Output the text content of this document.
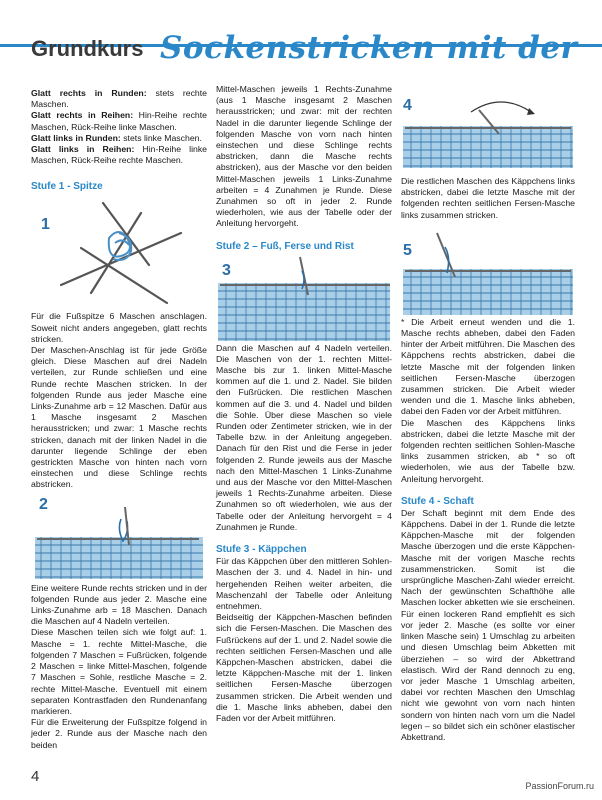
Grundkurs Sockenstricken mit der

Glatt rechts in Runden: stets rechte Maschen.

Glatt rechts in Reihen: Hin-Reihe rechte Maschen, Rück-Reihe linke Maschen.

Glatt links in Runden: stets linke Maschen.

Glatt links in Reihen: Hin-Reihe linke Maschen, Rück-Reihe rechte Maschen.

Stufe 1 - Spitze
1

Für die Fußspitze 6 Maschen anschlagen. Soweit nicht anders angegeben, glatt rechts stricken.

Der Maschen-Anschlag ist für jede Größe gleich. Diese Maschen auf drei Nadeln verteilen, zur Runde schließen und eine Runde rechte Maschen stricken. In der folgenden Runde aus jeder Masche eine Links-Zunahme arb = 12 Maschen. Dafür aus 1 Masche insgesamt 2 Maschen herausstricken; und zwar: 1 Masche rechts stricken, danach mit der linken Nadel in die darunter liegende Schlinge der eben gestrickten Masche von hinten nach vorn einstechen und diese Schlinge rechts abstricken.

2

Eine weitere Runde rechts stricken und in der folgenden Runde aus jeder 2. Masche eine Links-Zunahme arb = 18 Maschen. Danach die Maschen auf 4 Nadeln verteilen.

Diese Maschen teilen sich wie folgt auf: 1. Masche = 1. rechte Mittel-Masche, die folgenden 7 Maschen = Fußrücken, folgende 2 Maschen = linke Mittel-Maschen, folgende 7 Maschen = Sohle, restliche Masche = 2. rechte Mittel-Masche. Eventuell mit einem separaten Kontrastfaden den Rundenanfang markieren.

Für die Erweiterung der Fußspitze folgend in jeder 2. Runde aus der Masche nach den beiden

Mittel-Maschen jeweils 1 Rechts-Zunahme (aus 1 Masche insgesamt 2 Maschen herausstricken; und zwar: mit der rechten Nadel in die darunter liegende Schlinge der folgenden Masche von vorn nach hinten einstechen und diese Schlinge rechts abstricken, dann die Masche rechts abstricken), aus der Masche vor den beiden Mittel-Maschen jeweils 1 Links-Zunahme arbeiten = 4 Zunahmen je Runde. Diese Zunahmen so oft in jeder 2. Runde wiederholen, wie aus der Tabelle oder der Anleitung hervorgeht.

Stufe 2 – Fuß, Ferse und Rist
3

Dann die Maschen auf 4 Nadeln verteilen. Die Maschen von der 1. rechten Mittel-Masche bis zur 1. linken Mittel-Masche kommen auf die 1. und 2. Nadel. Sie bilden den Fußrücken. Die restlichen Maschen kommen auf die 3. und 4. Nadel und bilden die Sohle. Über diese Maschen so viele Runden oder Zentimeter stricken, wie in der Tabelle bzw. in der Anleitung angegeben. Danach für den Rist und die Ferse in jeder folgenden 2. Runde jeweils aus der Masche nach den Mittel-Maschen 1 Links-Zunahme und aus der Masche vor den Mittel-Maschen jeweils 1 Rechts-Zunahme arbeiten. Diese Zunahmen so oft wiederholen, wie aus der Tabelle oder der Anleitung hervorgeht = 4 Zunahmen je Runde.

Stufe 3 - Käppchen

Für das Käppchen über den mittleren Sohlen-Maschen der 3. und 4. Nadel in hin- und hergehenden Reihen weiter arbeiten, die Maschenzahl der Tabelle oder Anleitung entnehmen.

Beidseitig der Käppchen-Maschen befinden sich die Fersen-Maschen. Die Maschen des Fußrückens auf der 1. und 2. Nadel sowie die rechten seitlichen Fersen-Maschen und alle Käppchen-Maschen abstricken, dabei die letzte Käppchen-Masche mit der 1. linken seitlichen Fersen-Masche überzogen zusammen stricken. Die Arbeit wenden und die 1. Masche links abheben, dabei den Faden vor der Arbeit mitführen.

4

Die restlichen Maschen des Käppchens links abstricken, dabei die letzte Masche mit der folgenden rechten seitlichen Fersen-Masche links zusammen stricken.

5

* Die Arbeit erneut wenden und die 1. Masche rechts abheben, dabei den Faden hinter der Arbeit mitführen. Die Maschen des Käppchens rechts abstricken, dabei die letzte Masche mit der folgenden linken seitlichen Fersen-Masche überzogen zusammen stricken. Die Arbeit wieder wenden und die 1. Masche links abheben, dabei den Faden vor der Arbeit mitführen.

Die Maschen des Käppchens links abstricken, dabei die letzte Masche mit der folgenden rechten seitlichen Sohlen-Masche links zusammen stricken, ab * so oft wiederholen, wie aus der Tabelle bzw. Anleitung hervorgeht.

Stufe 4 - Schaft

Der Schaft beginnt mit dem Ende des Käppchens. Dabei in der 1. Runde die letzte Käppchen-Masche mit der folgenden Masche überzogen und die erste Käppchen-Masche mit der vorigen Masche rechts zusammenstricken. Somit ist die ursprüngliche Maschen-Zahl wieder erreicht. Nach der gewünschten Schafthöhe alle Maschen locker abketten wie sie erscheinen. Für einen lockeren Rand empfiehlt es sich vor jeder 2. Masche (es sollte vor einer linken Masche sein) 1 Umschlag zu arbeiten und diesen Umschlag beim Abketten mit überziehen – so wird der Abkettrand elastisch. Wird der Rand dennoch zu eng, vor jeder Masche 1 Umschlag arbeiten, dabei vor rechten Maschen den Umschlag nicht wie gewohnt von vorn nach hinten sondern von hinten nach vorn um die Nadel legen – so bildet sich ein schöner elastischer Abkettrand.

4
PassionForum.ru
